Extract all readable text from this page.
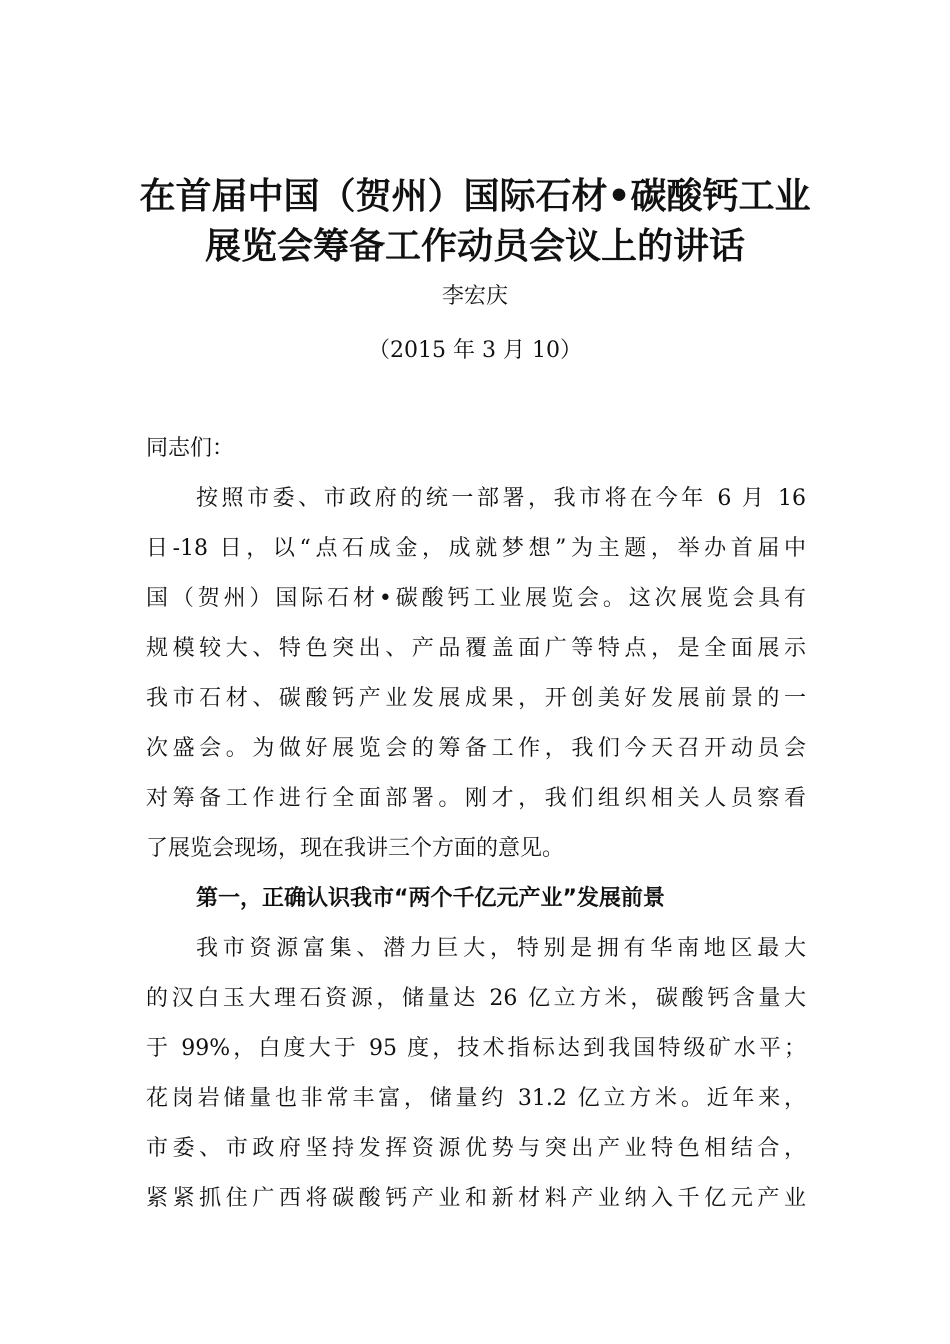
在首届中国（贺州）国际石材•碳酸钙工业
展览会筹备工作动员会议上的讲话
李宏庆
（2015 年 3 月 10）
同志们：
按照市委、市政府的统一部署，我市将在今年 6 月 16
日-18 日，以“点石成金，成就梦想”为主题，举办首届中
国（贺州）国际石材•碳酸钙工业展览会。这次展览会具有
规模较大、特色突出、产品覆盖面广等特点，是全面展示
我市石材、碳酸钙产业发展成果，开创美好发展前景的一
次盛会。为做好展览会的筹备工作，我们今天召开动员会
对筹备工作进行全面部署。刚才，我们组织相关人员察看
了展览会现场，现在我讲三个方面的意见。
第一，正确认识我市“两个千亿元产业”发展前景
我市资源富集、潜力巨大，特别是拥有华南地区最大
的汉白玉大理石资源，储量达 26 亿立方米，碳酸钙含量大
于 99%，白度大于 95 度，技术指标达到我国特级矿水平；
花岗岩储量也非常丰富，储量约 31.2 亿立方米。近年来，
市委、市政府坚持发挥资源优势与突出产业特色相结合，
紧紧抓住广西将碳酸钙产业和新材料产业纳入千亿元产业
